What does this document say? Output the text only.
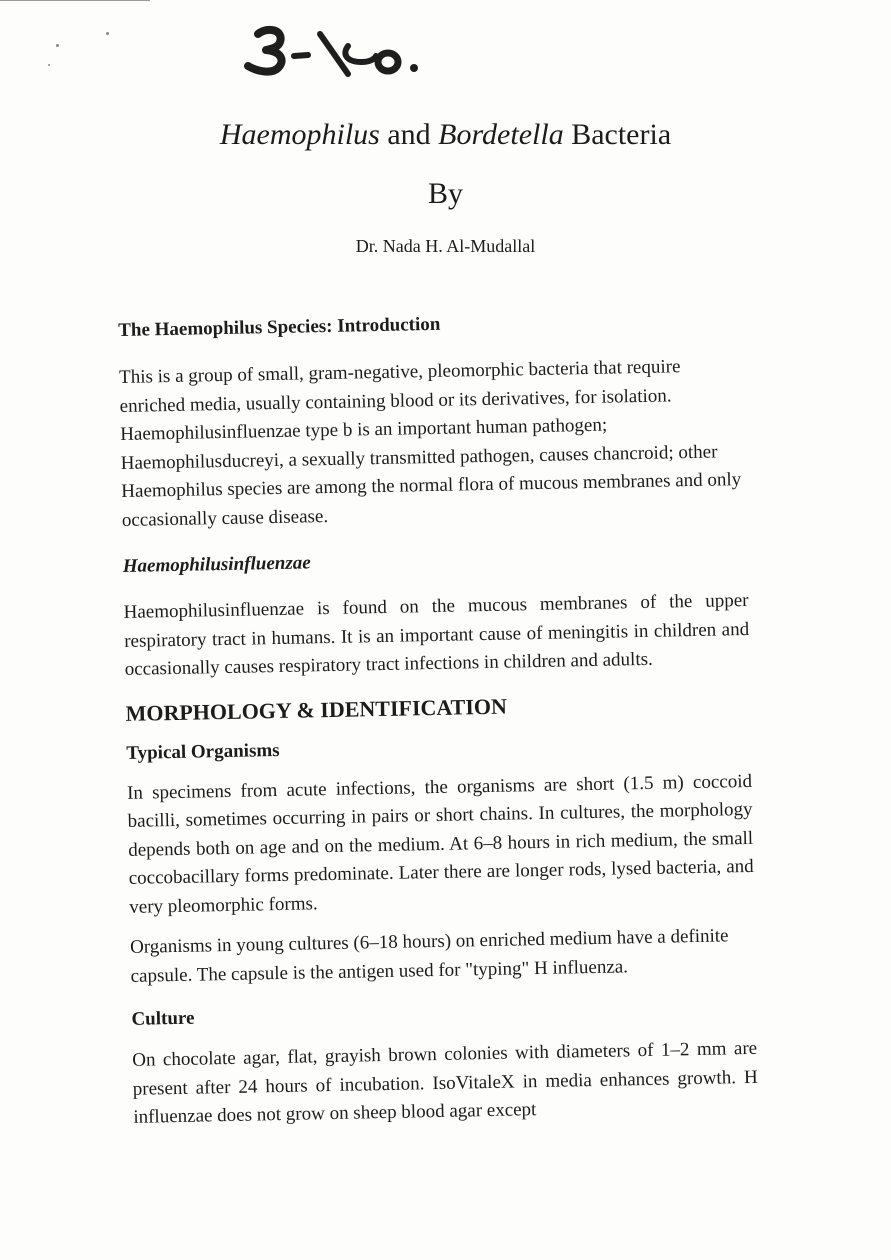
Haemophilus and Bordetella Bacteria

By

Dr. Nada H. Al-Mudallal

The Haemophilus Species: Introduction

This is a group of small, gram-negative, pleomorphic bacteria that require enriched media, usually containing blood or its derivatives, for isolation. Haemophilusinfluenzae type b is an important human pathogen; Haemophilusducreyi, a sexually transmitted pathogen, causes chancroid; other Haemophilus species are among the normal flora of mucous membranes and only occasionally cause disease.

Haemophilusinfluenzae

Haemophilusinfluenzae is found on the mucous membranes of the upper respiratory tract in humans. It is an important cause of meningitis in children and occasionally causes respiratory tract infections in children and adults.

MORPHOLOGY & IDENTIFICATION
Typical Organisms

In specimens from acute infections, the organisms are short (1.5 m) coccoid bacilli, sometimes occurring in pairs or short chains. In cultures, the morphology depends both on age and on the medium. At 6–8 hours in rich medium, the small coccobacillary forms predominate. Later there are longer rods, lysed bacteria, and very pleomorphic forms.

Organisms in young cultures (6–18 hours) on enriched medium have a definite capsule. The capsule is the antigen used for "typing" H influenza.

Culture

On chocolate agar, flat, grayish brown colonies with diameters of 1–2 mm are present after 24 hours of incubation. IsoVitaleX in media enhances growth. H influenzae does not grow on sheep blood agar except
